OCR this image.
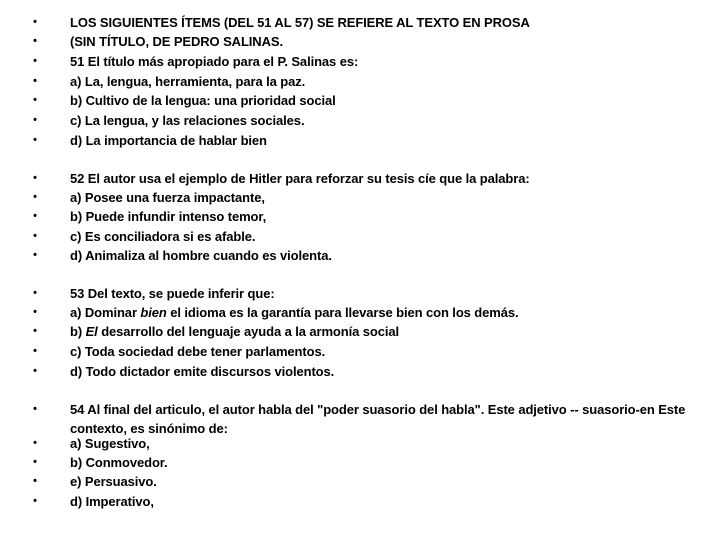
•	LOS SIGUIENTES ÍTEMS (DEL 51 AL 57) SE REFIERE AL TEXTO EN PROSA
•	(SIN TÍTULO, DE PEDRO SALINAS.
•	51 El título más apropiado para el P. Salinas es:
•	a) La, lengua, herramienta, para la paz.
•	b) Cultivo de la lengua: una prioridad social
•	c) La lengua, y las relaciones sociales.
•	d) La importancia de hablar bien
•	52 El autor usa el ejemplo de Hitler para reforzar su tesis cíe que la palabra:
•	a) Posee una fuerza impactante,
•	b) Puede infundir intenso temor,
•	c) Es conciliadora si es afable.
•	d) Animaliza al hombre cuando es violenta.
•	53 Del texto, se puede inferir que:
•	a) Dominar bien el idioma es la garantía para llevarse bien con los demás.
•	b) El desarrollo del lenguaje ayuda a la armonía social
•	c) Toda sociedad debe tener parlamentos.
•	d) Todo dictador emite discursos violentos.
•	54 Al final del articulo, el autor habla del "poder suasorio del habla". Este adjetivo -- suasorio-en Este contexto, es sinónimo de:
•	a) Sugestivo,
•	b) Conmovedor.
•	e) Persuasivo.
•	d) Imperativo,
